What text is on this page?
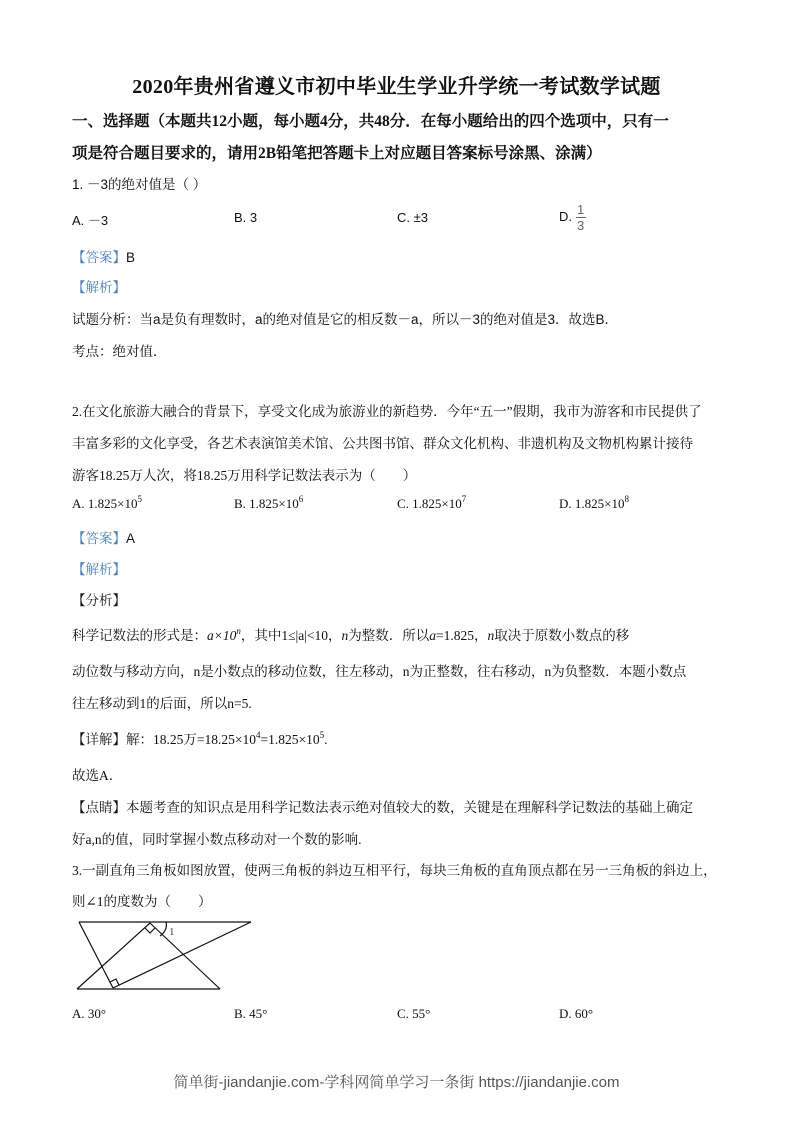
2020年贵州省遵义市初中毕业生学业升学统一考试数学试题
一、选择题（本题共12小题，每小题4分，共48分．在每小题给出的四个选项中，只有一
项是符合题目要求的，请用2B铅笔把答题卡上对应题目答案标号涂黑、涂满）
1. －3的绝对值是（ ）
A. －3	B. 3	C. ±3	D. $\frac{1}{3}$
【答案】B
【解析】
试题分析：当a是负有理数时，a的绝对值是它的相反数－a，所以－3的绝对值是3．故选B．
考点：绝对值．
2.在文化旅游大融合的背景下，享受文化成为旅游业的新趋势．今年“五一”假期，我市为游客和市民提供了
丰富多彩的文化享受，各艺术表演馆美术馆、公共图书馆、群众文化机构、非遗机构及文物机构累计接待
游客18.25万人次，将18.25万用科学记数法表示为（　　）
A. $1.825\times 10^5$	B. $1.825\times 10^6$	C. $1.825\times 10^7$	D. $1.825\times 10^8$
【答案】A
【解析】
【分析】
科学记数法的形式是：$a\times 10^n$，其中1≤|a|<10，n为整数．所以a=1.825，n取决于原数小数点的移
动位数与移动方向，n是小数点的移动位数，往左移动，n为正整数，往右移动，n为负整数．本题小数点
往左移动到1的后面，所以n=5.
【详解】解：18.25万$=18.25\times 10^4=1.825\times 10^5$.
故选A．
【点睛】本题考查的知识点是用科学记数法表示绝对值较大的数，关键是在理解科学记数法的基础上确定
好a,n的值，同时掌握小数点移动对一个数的影响.
3.一副直角三角板如图放置，使两三角板的斜边互相平行，每块三角板的直角顶点都在另一三角板的斜边上，
则∠1的度数为（　　）
1
A. 30°	B. 45°	C. 55°	D. 60°
简单街-jiandanjie.com-学科网简单学习一条街 https://jiandanjie.com
